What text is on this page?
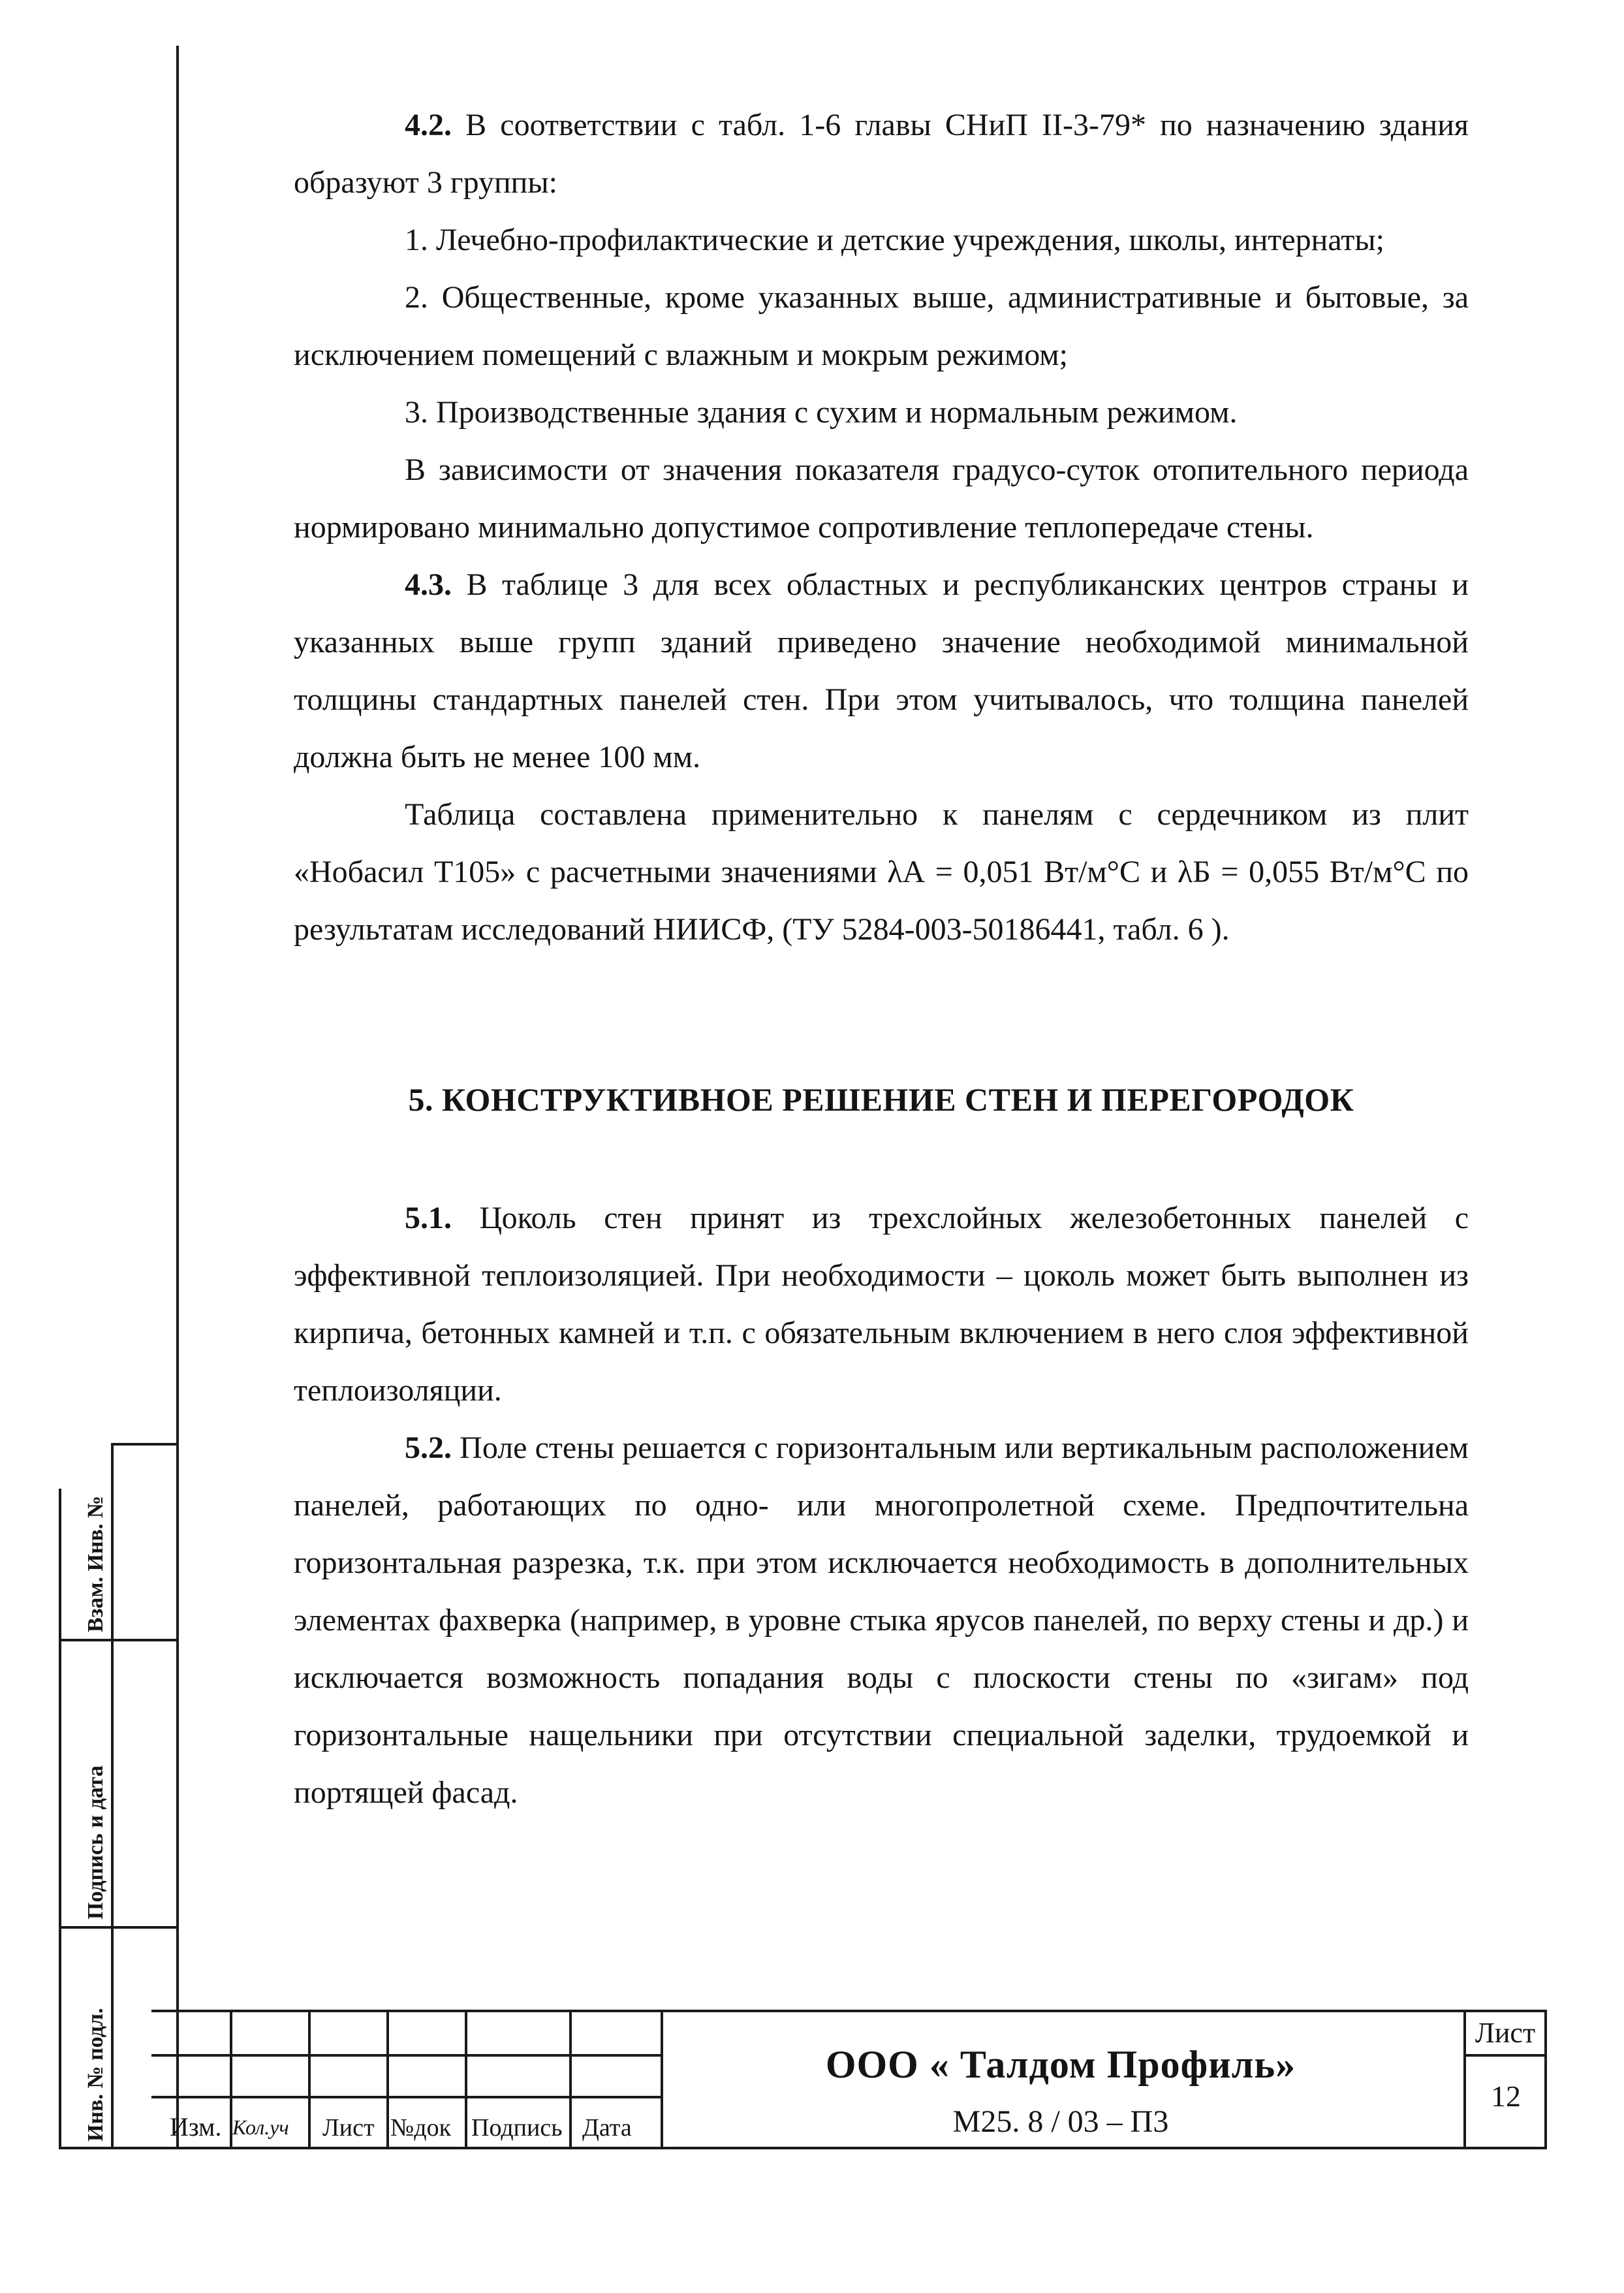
4.2. В соответствии с табл. 1-6 главы СНиП II-3-79* по назначению здания образуют 3 группы:

1. Лечебно-профилактические и детские учреждения, школы, интернаты;

2. Общественные, кроме указанных выше, административные и бытовые, за исключением помещений с влажным и мокрым режимом;

3. Производственные здания с сухим и нормальным режимом.

В зависимости от значения показателя градусо-суток отопительного периода нормировано минимально допустимое сопротивление теплопередаче стены.

4.3. В таблице 3 для всех областных и республиканских центров страны и указанных выше групп зданий приведено значение необходимой минимальной толщины стандартных панелей стен. При этом учитывалось, что толщина панелей должна быть не менее 100 мм.

Таблица составлена применительно к панелям с сердечником из плит «Нобасил Т105» с расчетными значениями λА = 0,051 Вт/м°С и λБ = 0,055 Вт/м°С по результатам исследований НИИСФ, (ТУ 5284-003-50186441, табл. 6 ).

5. КОНСТРУКТИВНОЕ РЕШЕНИЕ СТЕН И ПЕРЕГОРОДОК

5.1. Цоколь стен принят из трехслойных железобетонных панелей с эффективной теплоизоляцией. При необходимости – цоколь может быть выполнен из кирпича, бетонных камней и т.п. с обязательным включением в него слоя эффективной теплоизоляции.

5.2. Поле стены решается с горизонтальным или вертикальным расположением панелей, работающих по одно- или многопролетной схеме. Предпочтительна горизонтальная разрезка, т.к. при этом исключается необходимость в дополнительных элементах фахверка (например, в уровне стыка ярусов панелей, по верху стены и др.) и исключается возможность попадания воды с плоскости стены по «зигам» под горизонтальные нащельники при отсутствии специальной заделки, трудоемкой и портящей фасад.

Взам. Инв. №
Подпись и дата
Инв. № подл. Изм. Кол.уч Лист №док Подпись Дата
Лист
12
ООО « Талдом Профиль»
М25. 8 / 03 – П3
